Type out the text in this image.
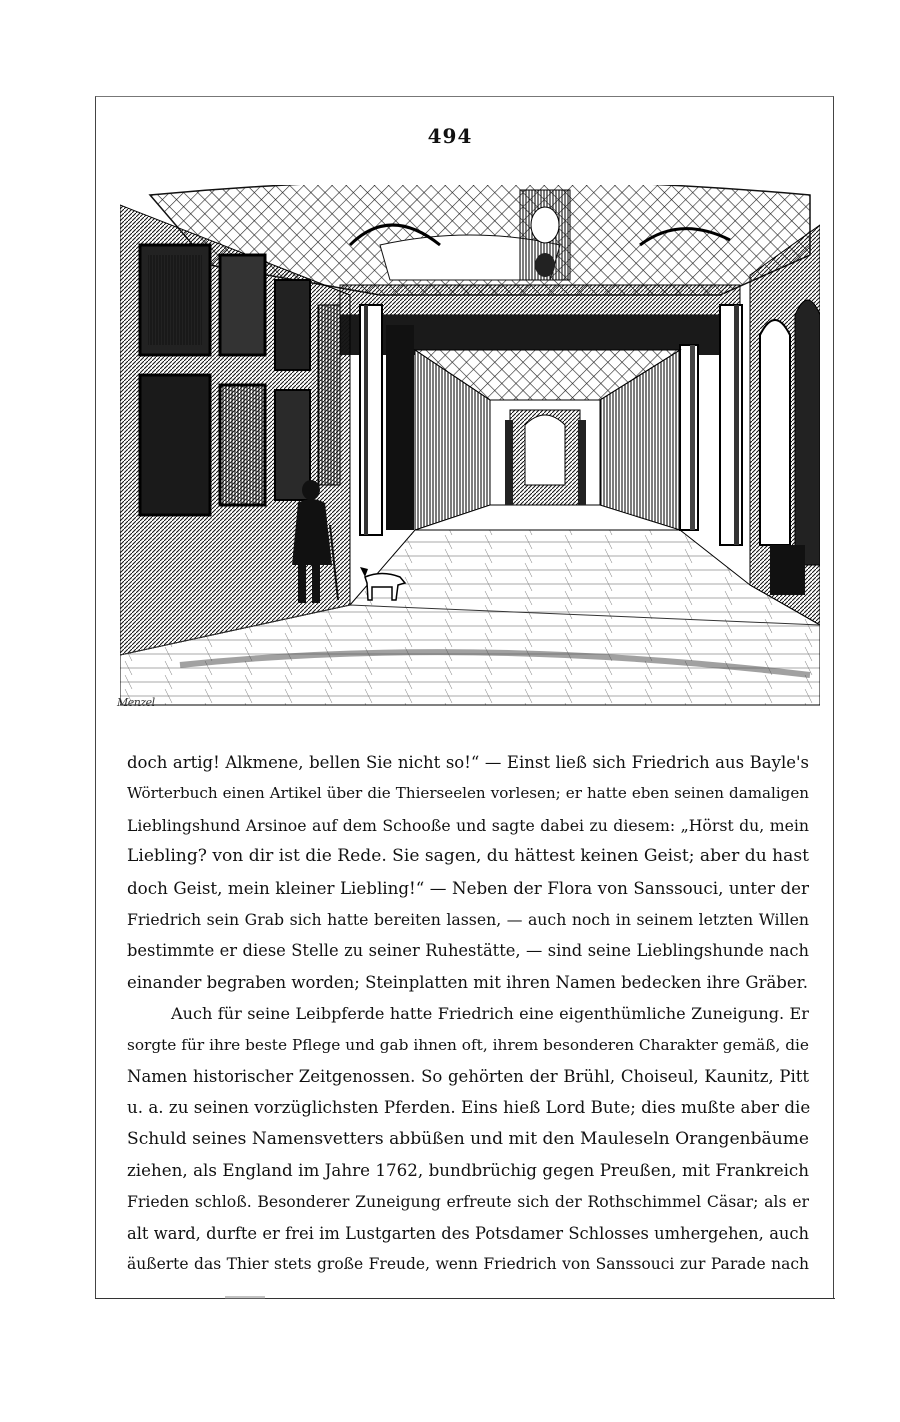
494
Menzel
doch artig! Alkmene, bellen Sie nicht so!“ — Einst ließ sich Friedrich aus Bayle's
Wörterbuch einen Artikel über die Thierseelen vorlesen; er hatte eben seinen damaligen
Lieblingshund Arsinoe auf dem Schooße und sagte dabei zu diesem: „Hörst du, mein
Liebling? von dir ist die Rede. Sie sagen, du hättest keinen Geist; aber du hast
doch Geist, mein kleiner Liebling!“ — Neben der Flora von Sanssouci, unter der
Friedrich sein Grab sich hatte bereiten lassen, — auch noch in seinem letzten Willen
bestimmte er diese Stelle zu seiner Ruhestätte, — sind seine Lieblingshunde nach
einander begraben worden; Steinplatten mit ihren Namen bedecken ihre Gräber.
Auch für seine Leibpferde hatte Friedrich eine eigenthümliche Zuneigung. Er
sorgte für ihre beste Pflege und gab ihnen oft, ihrem besonderen Charakter gemäß, die
Namen historischer Zeitgenossen. So gehörten der Brühl, Choiseul, Kaunitz, Pitt
u. a. zu seinen vorzüglichsten Pferden. Eins hieß Lord Bute; dies mußte aber die
Schuld seines Namensvetters abbüßen und mit den Mauleseln Orangenbäume
ziehen, als England im Jahre 1762, bundbrüchig gegen Preußen, mit Frankreich
Frieden schloß. Besonderer Zuneigung erfreute sich der Rothschimmel Cäsar; als er
alt ward, durfte er frei im Lustgarten des Potsdamer Schlosses umhergehen, auch
äußerte das Thier stets große Freude, wenn Friedrich von Sanssouci zur Parade nach
